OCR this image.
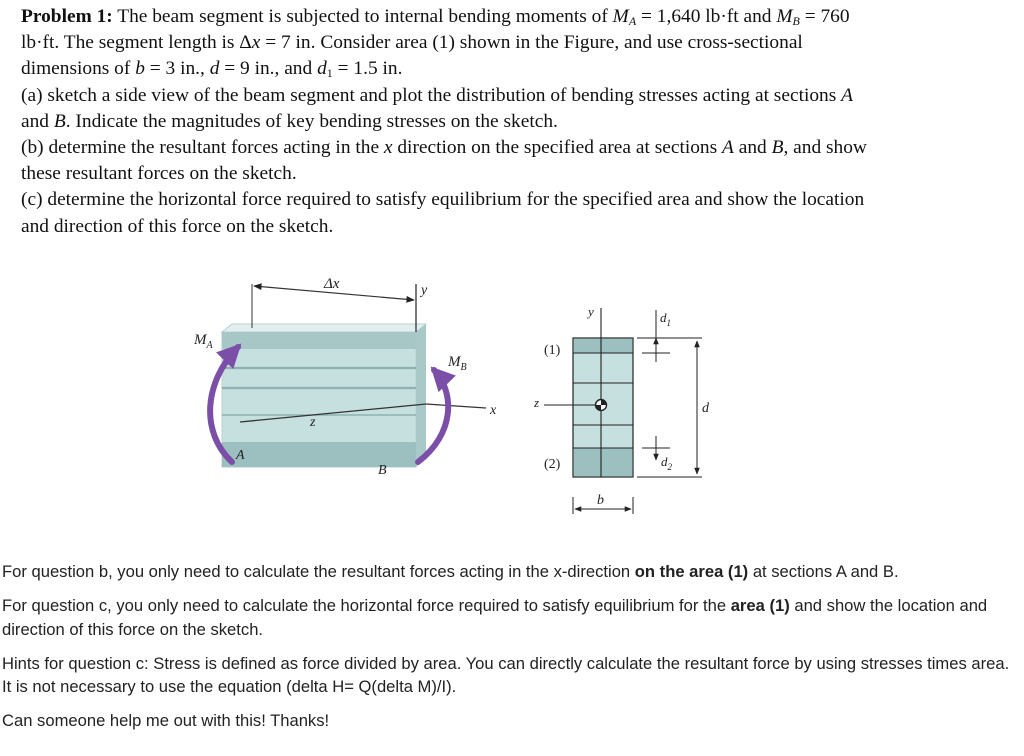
Problem 1: The beam segment is subjected to internal bending moments of $M_A = 1,640$ lb·ft and $M_B = 760$ lb·ft. The segment length is Δx = 7 in. Consider area (1) shown in the Figure, and use cross-sectional dimensions of b = 3 in., d = 9 in., and $d_1 = 1.5$ in.

(a) sketch a side view of the beam segment and plot the distribution of bending stresses acting at sections A and B. Indicate the magnitudes of key bending stresses on the sketch.

(b) determine the resultant forces acting in the x direction on the specified area at sections A and B, and show these resultant forces on the sketch.

(c) determine the horizontal force required to satisfy equilibrium for the specified area and show the location and direction of this force on the sketch.

Δx	y
$M_A$
$M_B$
x
z
A
B
(1)
(2)
y
z
b
d
$d_1$
$d_2$

For question b, you only need to calculate the resultant forces acting in the x-direction on the area (1) at sections A and B.

For question c, you only need to calculate the horizontal force required to satisfy equilibrium for the area (1) and show the location and direction of this force on the sketch.

Hints for question c: Stress is defined as force divided by area. You can directly calculate the resultant force by using stresses times area. It is not necessary to use the equation (delta H= Q(delta M)/I).

Can someone help me out with this! Thanks!
